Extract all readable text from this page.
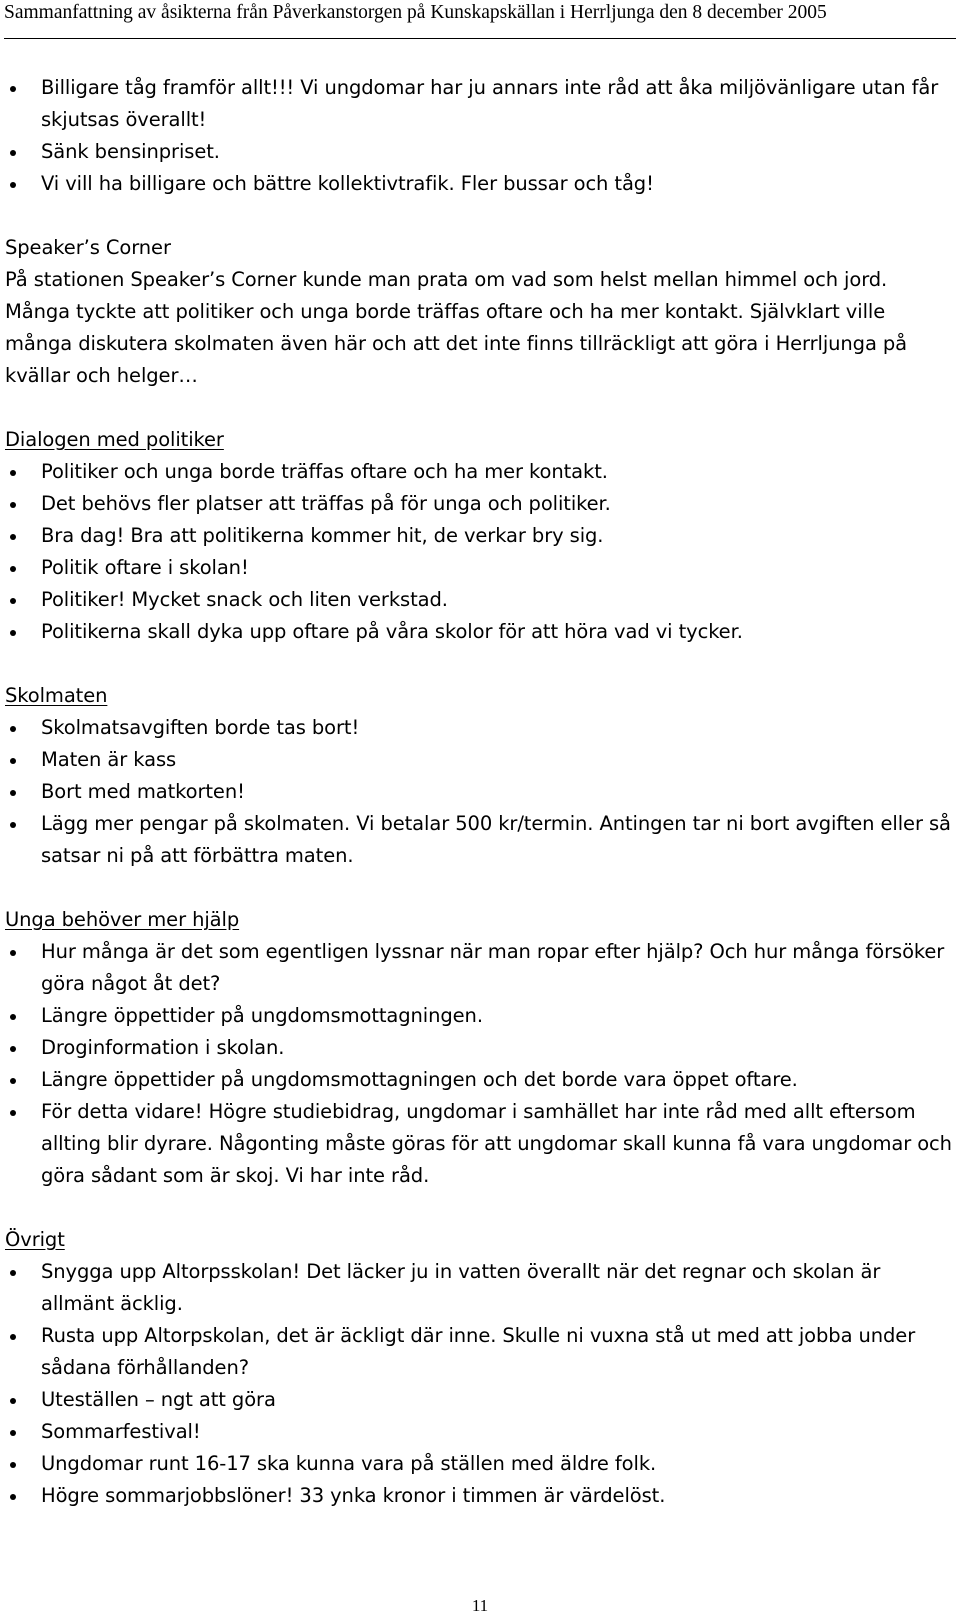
Sammanfattning av åsikterna från Påverkanstorgen på Kunskapskällan i Herrljunga den 8 december 2005
Billigare tåg framför allt!!! Vi ungdomar har ju annars inte råd att åka miljövänligare utan får skjutsas överallt!
Sänk bensinpriset.
Vi vill ha billigare och bättre kollektivtrafik. Fler bussar och tåg!
Speaker’s Corner
På stationen Speaker’s Corner kunde man prata om vad som helst mellan himmel och jord. Många tyckte att politiker och unga borde träffas oftare och ha mer kontakt. Självklart ville många diskutera skolmaten även här och att det inte finns tillräckligt att göra i Herrljunga på kvällar och helger…
Dialogen med politiker
Politiker och unga borde träffas oftare och ha mer kontakt.
Det behövs fler platser att träffas på för unga och politiker.
Bra dag! Bra att politikerna kommer hit, de verkar bry sig.
Politik oftare i skolan!
Politiker! Mycket snack och liten verkstad.
Politikerna skall dyka upp oftare på våra skolor för att höra vad vi tycker.
Skolmaten
Skolmatsavgiften borde tas bort!
Maten är kass
Bort med matkorten!
Lägg mer pengar på skolmaten. Vi betalar 500 kr/termin. Antingen tar ni bort avgiften eller så satsar ni på att förbättra maten.
Unga behöver mer hjälp
Hur många är det som egentligen lyssnar när man ropar efter hjälp? Och hur många försöker göra något åt det?
Längre öppettider på ungdomsmottagningen.
Droginformation i skolan.
Längre öppettider på ungdomsmottagningen och det borde vara öppet oftare.
För detta vidare! Högre studiebidrag, ungdomar i samhället har inte råd med allt eftersom allting blir dyrare. Någonting måste göras för att ungdomar skall kunna få vara ungdomar och göra sådant som är skoj. Vi har inte råd.
Övrigt
Snygga upp Altorpsskolan! Det läcker ju in vatten överallt när det regnar och skolan är allmänt äcklig.
Rusta upp Altorpskolan, det är äckligt där inne. Skulle ni vuxna stå ut med att jobba under sådana förhållanden?
Uteställen – ngt att göra
Sommarfestival!
Ungdomar runt 16-17 ska kunna vara på ställen med äldre folk.
Högre sommarjobbslöner! 33 ynka kronor i timmen är värdelöst.
11
